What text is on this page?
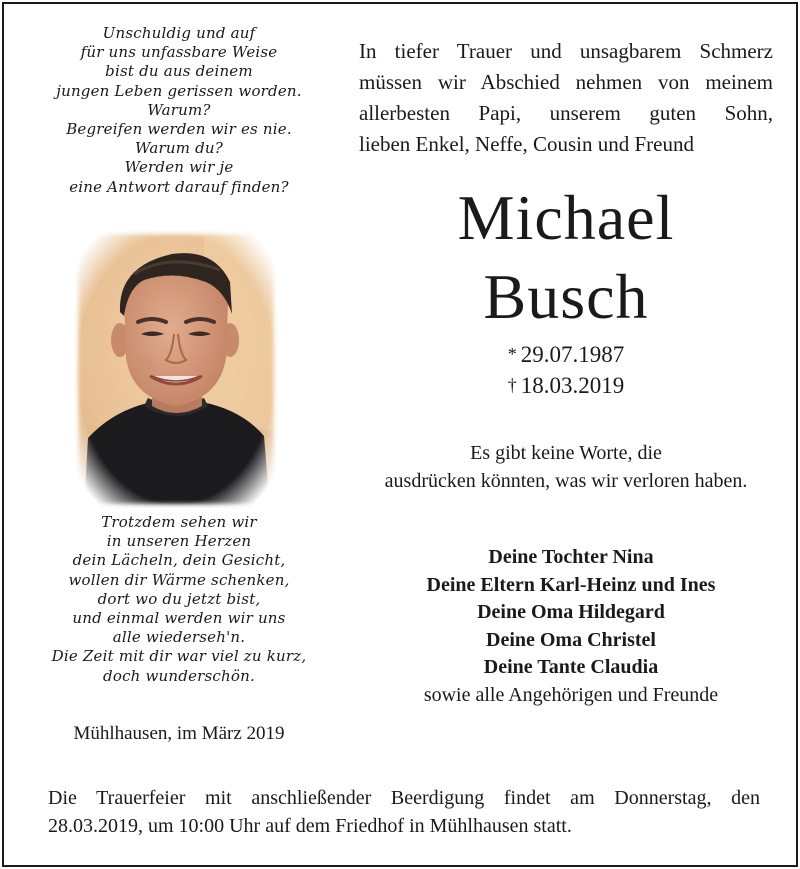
Unschuldig und auf
für uns unfassbare Weise
bist du aus deinem
jungen Leben gerissen worden.
Warum?
Begreifen werden wir es nie.
Warum du?
Werden wir je
eine Antwort darauf finden?
Trotzdem sehen wir
in unseren Herzen
dein Lächeln, dein Gesicht,
wollen dir Wärme schenken,
dort wo du jetzt bist,
und einmal werden wir uns
alle wiederseh'n.
Die Zeit mit dir war viel zu kurz,
doch wunderschön.
Mühlhausen, im März 2019
In tiefer Trauer und unsagbarem Schmerz
müssen wir Abschied nehmen von meinem
allerbesten Papi, unserem guten Sohn,
lieben Enkel, Neffe, Cousin und Freund
Michael
Busch
* 29.07.1987
† 18.03.2019
Es gibt keine Worte, die
ausdrücken könnten, was wir verloren haben.
Deine Tochter Nina
Deine Eltern Karl-Heinz und Ines
Deine Oma Hildegard
Deine Oma Christel
Deine Tante Claudia
sowie alle Angehörigen und Freunde
Die Trauerfeier mit anschließender Beerdigung findet am Donnerstag, den
28.03.2019, um 10:00 Uhr auf dem Friedhof in Mühlhausen statt.
